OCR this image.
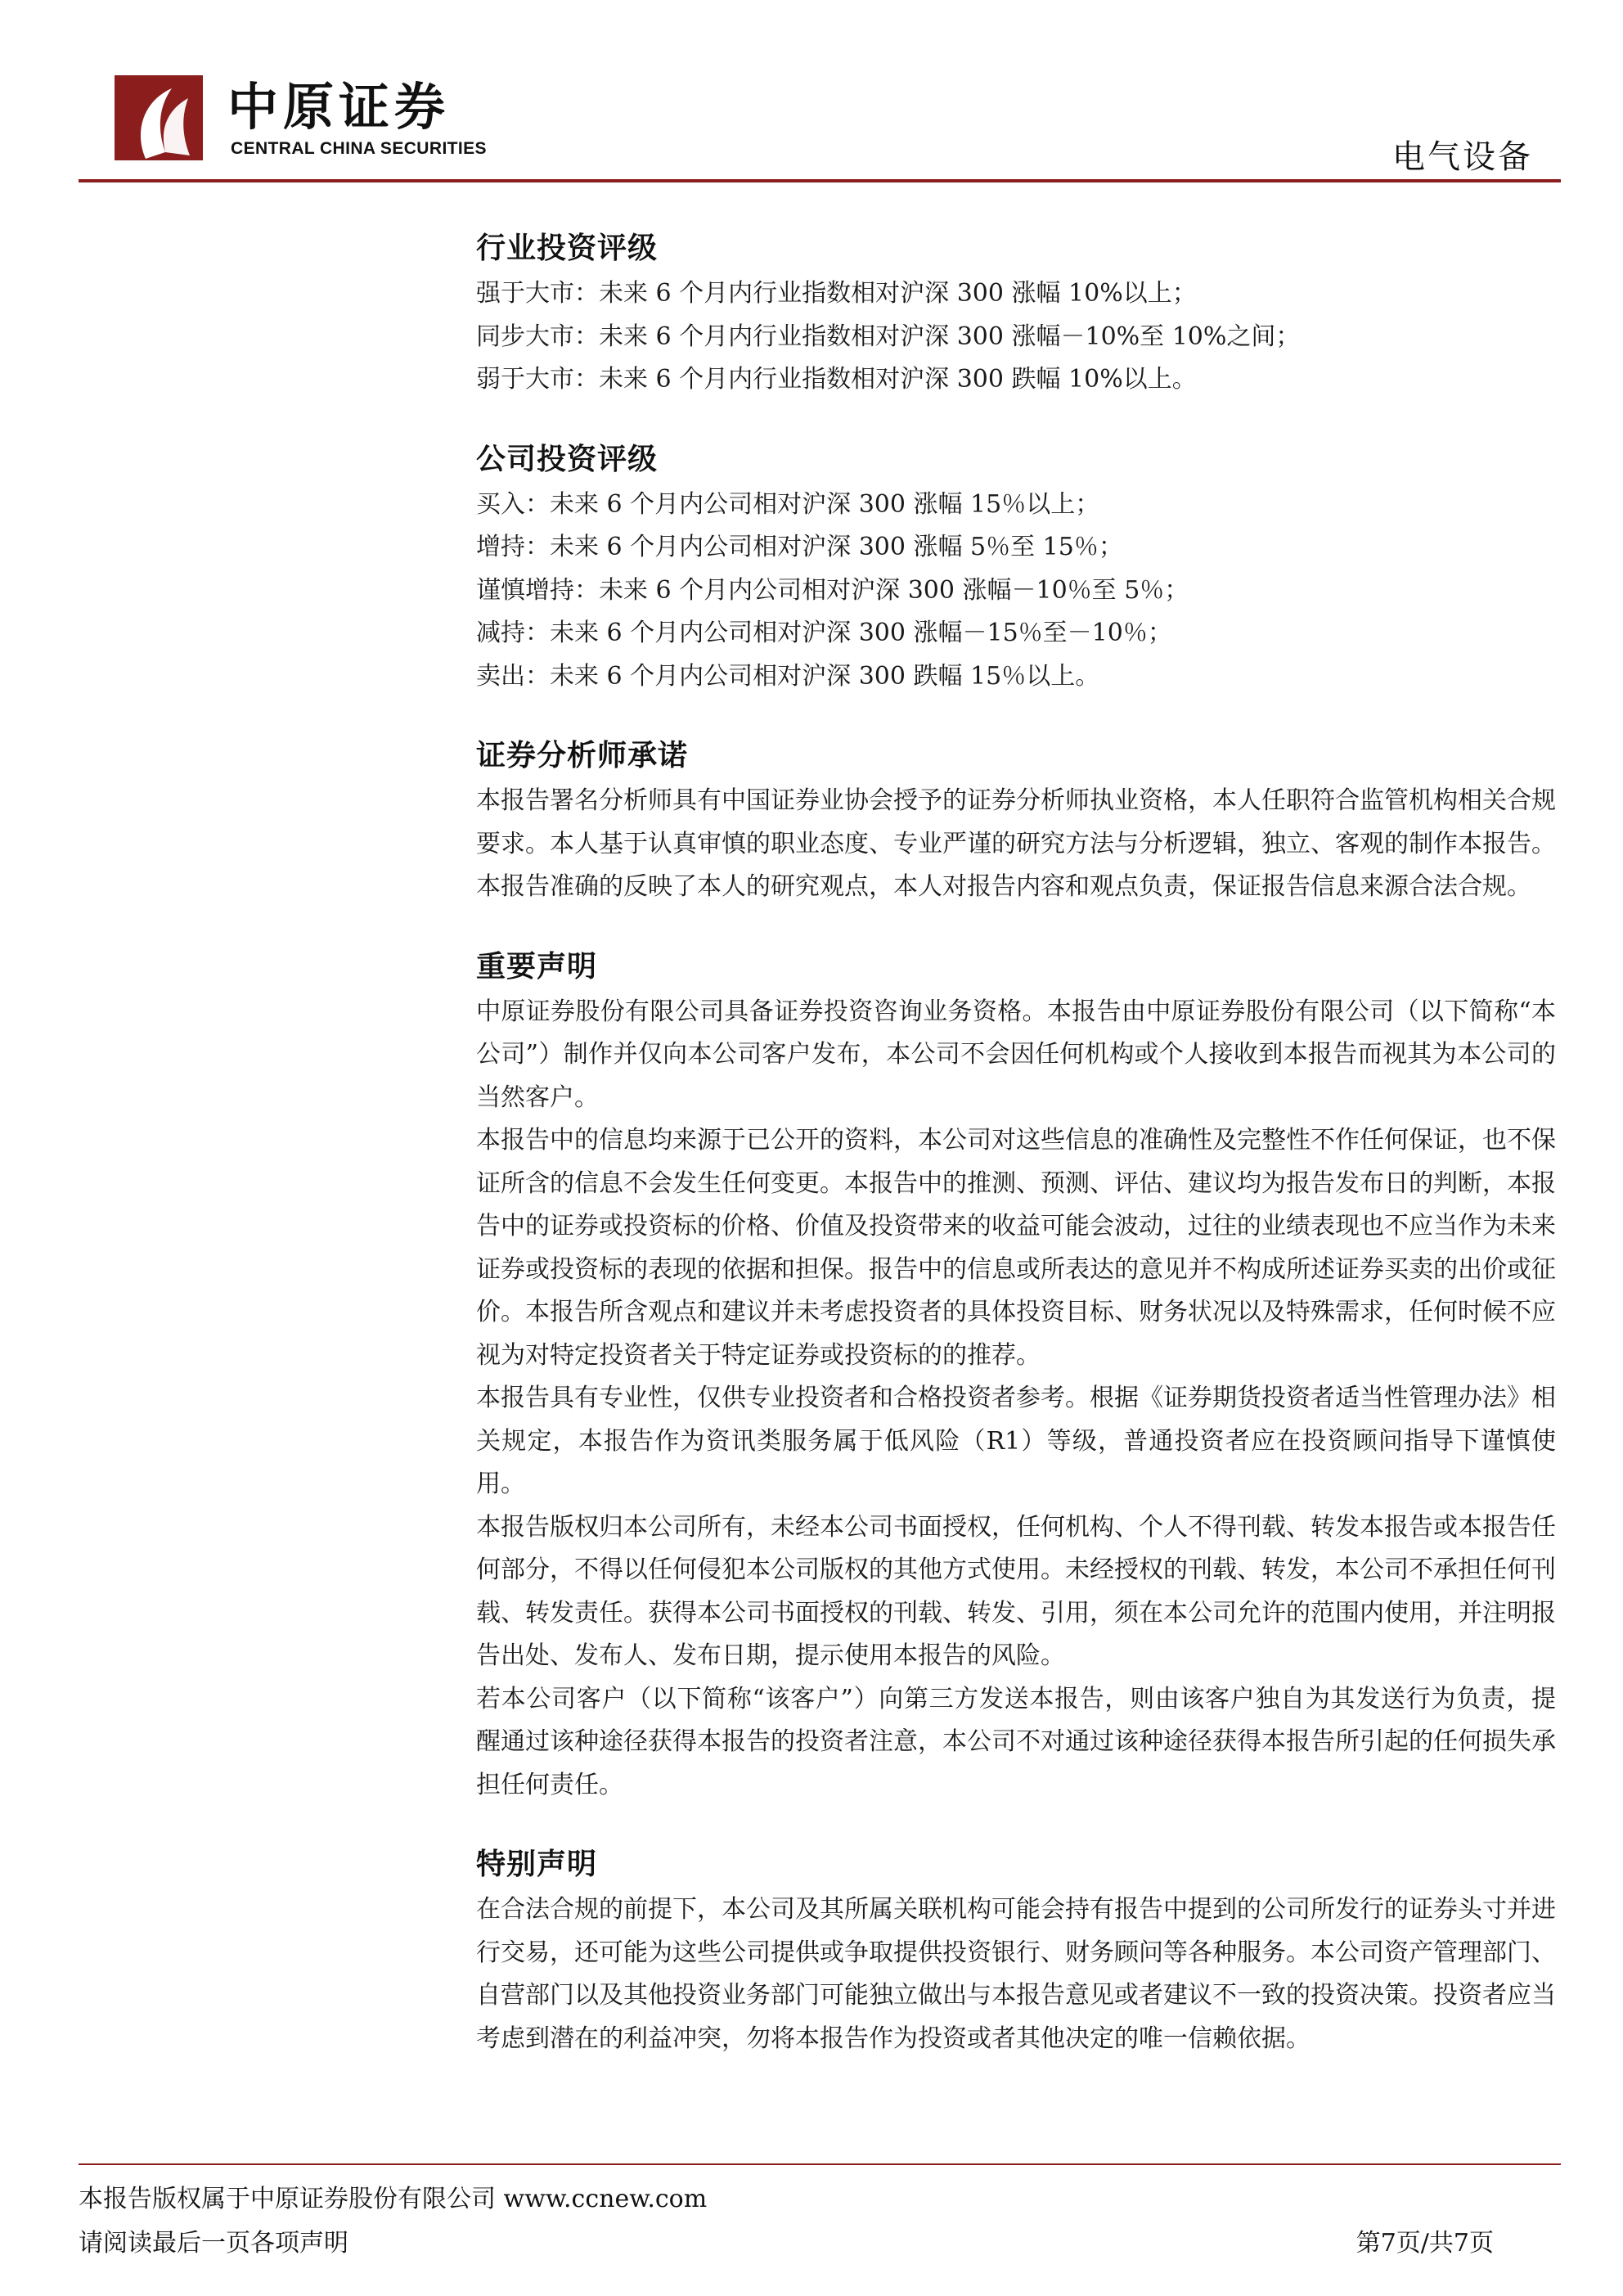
中原证券
CENTRAL CHINA SECURITIES	电气设备
行业投资评级
强于大市：未来 6 个月内行业指数相对沪深 300 涨幅 10%以上；
同步大市：未来 6 个月内行业指数相对沪深 300 涨幅－10%至 10%之间；
弱于大市：未来 6 个月内行业指数相对沪深 300 跌幅 10%以上。
公司投资评级
买入：未来 6 个月内公司相对沪深 300 涨幅 15％以上；
增持：未来 6 个月内公司相对沪深 300 涨幅 5％至 15％；
谨慎增持：未来 6 个月内公司相对沪深 300 涨幅－10％至 5％；
减持：未来 6 个月内公司相对沪深 300 涨幅－15％至－10％；
卖出：未来 6 个月内公司相对沪深 300 跌幅 15％以上。
证券分析师承诺

本报告署名分析师具有中国证券业协会授予的证券分析师执业资格，本人任职符合监管机构相关合规要求。本人基于认真审慎的职业态度、专业严谨的研究方法与分析逻辑，独立、客观的制作本报告。本报告准确的反映了本人的研究观点，本人对报告内容和观点负责，保证报告信息来源合法合规。

重要声明

中原证券股份有限公司具备证券投资咨询业务资格。本报告由中原证券股份有限公司（以下简称“本公司”）制作并仅向本公司客户发布，本公司不会因任何机构或个人接收到本报告而视其为本公司的当然客户。

本报告中的信息均来源于已公开的资料，本公司对这些信息的准确性及完整性不作任何保证，也不保证所含的信息不会发生任何变更。本报告中的推测、预测、评估、建议均为报告发布日的判断，本报告中的证券或投资标的价格、价值及投资带来的收益可能会波动，过往的业绩表现也不应当作为未来证券或投资标的表现的依据和担保。报告中的信息或所表达的意见并不构成所述证券买卖的出价或征价。本报告所含观点和建议并未考虑投资者的具体投资目标、财务状况以及特殊需求，任何时候不应视为对特定投资者关于特定证券或投资标的的推荐。

本报告具有专业性，仅供专业投资者和合格投资者参考。根据《证券期货投资者适当性管理办法》相关规定，本报告作为资讯类服务属于低风险（R1）等级，普通投资者应在投资顾问指导下谨慎使用。

本报告版权归本公司所有，未经本公司书面授权，任何机构、个人不得刊载、转发本报告或本报告任何部分，不得以任何侵犯本公司版权的其他方式使用。未经授权的刊载、转发，本公司不承担任何刊载、转发责任。获得本公司书面授权的刊载、转发、引用，须在本公司允许的范围内使用，并注明报告出处、发布人、发布日期，提示使用本报告的风险。

若本公司客户（以下简称“该客户”）向第三方发送本报告，则由该客户独自为其发送行为负责，提醒通过该种途径获得本报告的投资者注意，本公司不对通过该种途径获得本报告所引起的任何损失承担任何责任。

特别声明

在合法合规的前提下，本公司及其所属关联机构可能会持有报告中提到的公司所发行的证券头寸并进行交易，还可能为这些公司提供或争取提供投资银行、财务顾问等各种服务。本公司资产管理部门、自营部门以及其他投资业务部门可能独立做出与本报告意见或者建议不一致的投资决策。投资者应当考虑到潜在的利益冲突，勿将本报告作为投资或者其他决定的唯一信赖依据。

本报告版权属于中原证券股份有限公司 www.ccnew.com
请阅读最后一页各项声明	第7页/共7页
